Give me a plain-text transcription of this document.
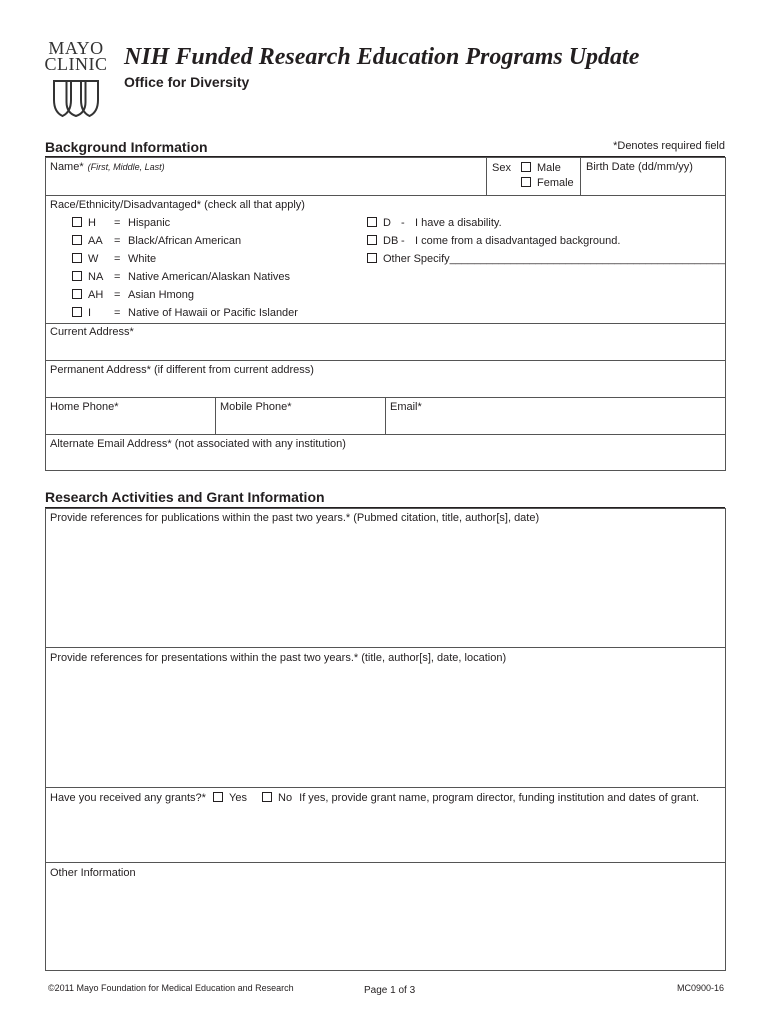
MAYO
CLINIC NIH Funded Research Education Programs Update
Office for Diversity
Background Information	*Denotes required field
Name* (First, Middle, Last)	Sex	Male
Female
Birth Date (dd/mm/yy)
Race/Ethnicity/Disadvantaged* (check all that apply)
H = Hispanic
AA = Black/African American
W = White
NA = Native American/Alaskan Natives
AH = Asian Hmong
I = Native of Hawaii or Pacific Islander
D - I have a disability.
DB - I come from a disadvantaged background.
Other Specify_____________________________________________
Current Address*
Permanent Address* (if different from current address)
Home Phone*	Mobile Phone*	Email*
Alternate Email Address* (not associated with any institution)
Research Activities and Grant Information
Provide references for publications within the past two years.* (Pubmed citation, title, author[s], date)
Provide references for presentations within the past two years.* (title, author[s], date, location)
Have you received any grants?* Yes	No If yes, provide grant name, program director, funding institution and dates of grant.
Other Information
©2011 Mayo Foundation for Medical Education and Research	Page 1 of 3	MC0900-16
